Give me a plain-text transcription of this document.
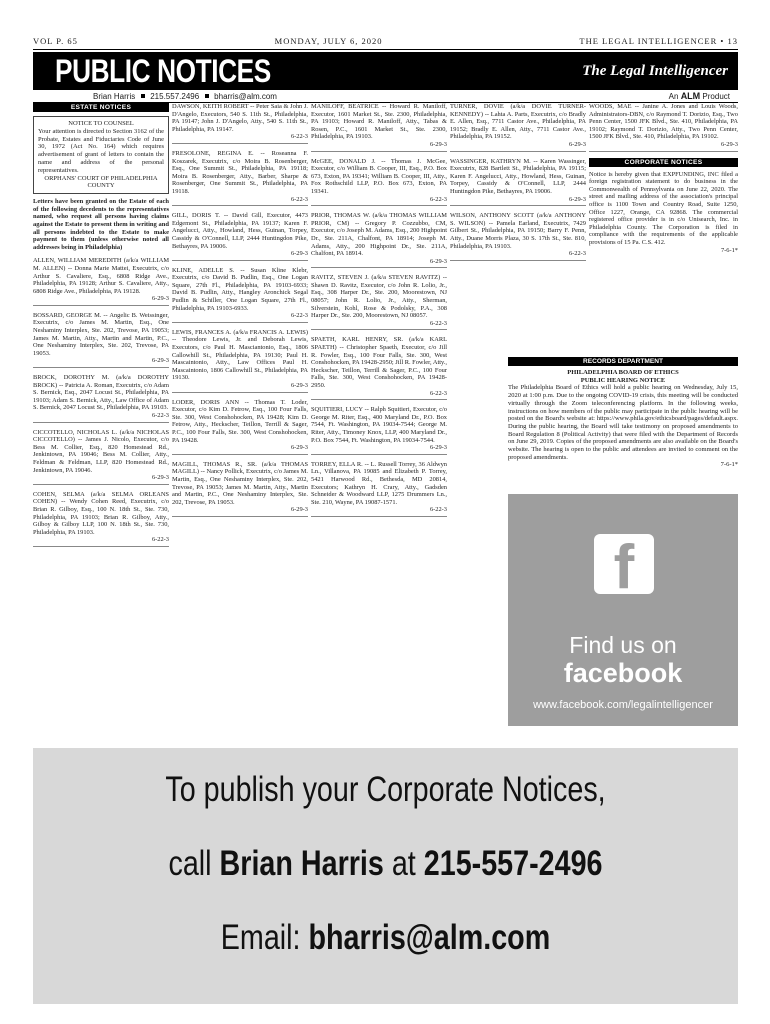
VOL P. 65	MONDAY, JULY 6, 2020	THE LEGAL INTELLIGENCER • 13
PUBLIC NOTICES	The Legal Intelligencer
Brian Harris 215.557.2496 bharris@alm.com	An ALM Product
ESTATE NOTICES
NOTICE TO COUNSEL
Your attention is directed to Section 3162 of the Probate, Estates and Fiduciaries Code of June 30, 1972 (Act No. 164) which requires advertisement of grant of letters to contain the name and address of the personal representatives.
ORPHANS' COURT OF PHILADELPHIA COUNTY
Letters have been granted on the Estate of each of the following decedents to the representatives named, who request all persons having claims against the Estate to present them in writing and all persons indebted to the Estate to make payment to them (unless otherwise noted all addresses being in Philadelphia)
ALLEN, WILLIAM MEREDITH (a/k/a WILLIAM M. ALLEN) -- Donna Marie Mattei, Executrix, c/o Arthur S. Cavaliere, Esq., 6808 Ridge Ave., Philadelphia, PA 19128; Arthur S. Cavaliere, Atty., 6808 Ridge Ave., Philadelphia, PA 19128.
6-29-3
BOSSARD, GEORGE M. -- Angelic B. Weissinger, Executrix, c/o James M. Martin, Esq., One Neshaminy Interplex, Ste. 202, Trevose, PA 19053; James M. Martin, Atty., Martin and Martin, P.C., One Neshaminy Interplex, Ste. 202, Trevose, PA 19053.
6-29-3
BROCK, DOROTHY M. (a/k/a DOROTHY BROCK) -- Patricia A. Roman, Executrix, c/o Adam S. Bernick, Esq., 2047 Locust St., Philadelphia, PA 19103; Adam S. Bernick, Atty., Law Office of Adam S. Bernick, 2047 Locust St., Philadelphia, PA 19103.
6-22-3
CICCOTELLO, NICHOLAS L. (a/k/a NICHOLAS CICCOTELLO) -- James J. Nicolo, Executor, c/o Bess M. Collier, Esq., 820 Homestead Rd., Jenkintown, PA 19046; Bess M. Collier, Atty., Feldman & Feldman, LLP, 820 Homestead Rd., Jenkintown, PA 19046.
6-29-3
COHEN, SELMA (a/k/a SELMA ORLEANS COHEN) -- Wendy Cohen Reed, Executrix, c/o Brian R. Gilboy, Esq., 100 N. 18th St., Ste. 730, Philadelphia, PA 19103; Brian R. Gilboy, Atty., Gilboy & Gilboy LLP, 100 N. 18th St., Ste. 730, Philadelphia, PA 19103.
6-22-3
DAWSON, KEITH ROBERT -- Peter Saia & John J. D'Angelo, Executors, 540 S. 11th St., Philadelphia, PA 19147; John J. D'Angelo, Atty., 540 S. 11th St., Philadelphia, PA 19147.
6-22-3
FRESOLONE, REGINA E. -- Roseanna F. Koszarek, Executrix, c/o Moira B. Rosenberger, Esq., One Summit St., Philadelphia, PA 19118; Moira B. Rosenberger, Atty., Barber, Sharpe & Rosenberger, One Summit St., Philadelphia, PA 19118.
6-22-3
GILL, DORIS T. -- David Gill, Executor, 4473 Edgemont St., Philadelphia, PA 19137; Karen F. Angelucci, Atty., Howland, Hess, Guinan, Torpey, Cassidy & O'Connell, LLP, 2444 Huntingdon Pike, Bethayres, PA 19006.
6-29-3
KLINE, ADELLE S. -- Susan Kline Klebr, Executrix, c/o David B. Pudlin, Esq., One Logan Square, 27th Fl., Philadelphia, PA 19103-6933; David B. Pudlin, Atty., Hangley Aronchick Segal Pudlin & Schiller, One Logan Square, 27th Fl., Philadelphia, PA 19103-6933.
6-22-3
LEWIS, FRANCES A. (a/k/a FRANCIS A. LEWIS) -- Theodore Lewis, Jr. and Deborah Lewis, Executors, c/o Paul H. Masciantonio, Esq., 1806 Callowhill St., Philadelphia, PA 19130; Paul H. Mascaintonio, Atty., Law Offices Paul H. Mascaintonio, 1806 Callowhill St., Philadelphia, PA 19130.
6-29-3
LODER, DORIS ANN -- Thomas T. Loder, Executor, c/o Kim D. Fetrow, Esq., 100 Four Falls, Ste. 300, West Conshohocken, PA 19428; Kim D. Fetrow, Atty., Heckscher, Teillon, Terrill & Sager, P.C., 100 Four Falls, Ste. 300, West Conshohocken, PA 19428.
6-29-3
MAGILL, THOMAS R., SR. (a/k/a THOMAS MAGILL) -- Nancy Pollick, Executrix, c/o James M. Martin, Esq., One Neshaminy Interplex, Ste. 202, Trevose, PA 19053; James M. Martin, Atty., Martin and Martin, P.C., One Neshaminy Interplex, Ste. 202, Trevose, PA 19053.
6-29-3
MANILOFF, BEATRICE -- Howard R. Maniloff, Executor, 1601 Market St., Ste. 2300, Philadelphia, PA 19103; Howard R. Maniloff, Atty., Tabas & Rosen, P.C., 1601 Market St., Ste. 2300, Philadelphia, PA 19103.
6-29-3
McGEE, DONALD J. -- Thomas J. McGee, Executor, c/o William B. Cooper, III, Esq., P.O. Box 673, Exton, PA 19341; William B. Cooper, III, Atty., Fox Rothschild LLP, P.O. Box 673, Exton, PA 19341.
6-22-3
PRIOR, THOMAS W. (a/k/a THOMAS WILLIAM PRIOR, CM) -- Gregory P. Cozzubbo, CM, Executor, c/o Joseph M. Adams, Esq., 200 Highpoint Dr., Ste. 211A, Chalfont, PA 18914; Joseph M. Adams, Atty., 200 Highpoint Dr., Ste. 211A, Chalfont, PA 18914.
6-29-3
RAVITZ, STEVEN J. (a/k/a STEVEN RAVITZ) -- Shawn D. Ravitz, Executor, c/o John R. Lolio, Jr., Esq., 308 Harper Dr., Ste. 200, Moorestown, NJ 08057; John R. Lolio, Jr., Atty., Sherman, Silverstein, Kohl, Rose & Podolsky, P.A., 308 Harper Dr., Ste. 200, Moorestown, NJ 08057.
6-22-3
SPAETH, KARL HENRY, SR. (a/k/a KARL SPAETH) -- Christopher Spaeth, Executor, c/o Jill R. Fowler, Esq., 100 Four Falls, Ste. 300, West Conshohocken, PA 19428-2950; Jill R. Fowler, Atty., Heckscher, Teillon, Terrill & Sager, P.C., 100 Four Falls, Ste. 300, West Conshohocken, PA 19428-2950.
6-22-3
SQUITIERI, LUCY -- Ralph Squitieri, Executor, c/o George M. Riter, Esq., 400 Maryland Dr., P.O. Box 7544, Ft. Washington, PA 19034-7544; George M. Riter, Atty., Timoney Knox, LLP, 400 Maryland Dr., P.O. Box 7544, Ft. Washington, PA 19034-7544.
6-29-3
TORREY, ELLA R. -- L. Russell Torrey, 36 Aldwyn Ln., Villanova, PA 19085 and Elizabeth P. Torrey, 5421 Harwood Rd., Bethesda, MD 20814, Executors; Kathryn H. Crary, Atty., Gadsden Schneider & Woodward LLP, 1275 Drummers Ln., Ste. 210, Wayne, PA 19087-1571.
6-22-3
TURNER, DOVIE (a/k/a DOVIE TURNER-KENNEDY) -- Lahta A. Parts, Executrix, c/o Bradly E. Allen, Esq., 7711 Castor Ave., Philadelphia, PA 19152; Bradly E. Allen, Atty., 7711 Castor Ave., Philadelphia, PA 19152.
6-29-3
WASSINGER, KATHRYN M. -- Karen Wassinger, Executrix, 828 Bartlett St., Philadelphia, PA 19115; Karen F. Angelucci, Atty., Howland, Hess, Guinan, Torpey, Cassidy & O'Connell, LLP, 2444 Huntingdon Pike, Bethayres, PA 19006.
6-29-3
WILSON, ANTHONY SCOTT (a/k/a ANTHONY S. WILSON) -- Pamela Earland, Executrix, 7429 Gilbert St., Philadelphia, PA 19150; Barry F. Penn, Atty., Duane Morris Plaza, 30 S. 17th St., Ste. 810, Philadelphia, PA 19103.
6-22-3
WOODS, MAE -- Janine A. Jones and Louis Woods, Administrators-DBN, c/o Raymond T. Dorizio, Esq., Two Penn Center, 1500 JFK Blvd., Ste. 410, Philadelphia, PA 19102; Raymond T. Dorizio, Atty., Two Penn Center, 1500 JFK Blvd., Ste. 410, Philadelphia, PA 19102.
6-29-3
CORPORATE NOTICES
Notice is hereby given that EXPFUNDING, INC filed a foreign registration statement to do business in the Commonwealth of Pennsylvania on June 22, 2020. The street and mailing address of the association's principal office is 1100 Town and Country Road, Suite 1250, Office 1227, Orange, CA 92868. The commercial registered office provider is in c/o Unisearch, Inc. in Philadelphia County. The Corporation is filed in compliance with the requirements of the applicable provisions of 15 Pa. C.S. 412.
7-6-1*
RECORDS DEPARTMENT
PHILADELPHIA BOARD OF ETHICS
PUBLIC HEARING NOTICE

The Philadelphia Board of Ethics will hold a public hearing on Wednesday, July 15, 2020 at 1:00 p.m. Due to the ongoing COVID-19 crisis, this meeting will be conducted virtually through the Zoom teleconferencing platform. In the following weeks, instructions on how members of the public may participate in the public hearing will be posted on the Board's website at: https://www.phila.gov/ethicsboard/pages/default.aspx. During the public hearing, the Board will take testimony on proposed amendments to Board Regulation 8 (Political Activity) that were filed with the Department of Records on June 29, 2019. Copies of the proposed amendments are also available on the Board's website. The hearing is open to the public and attendees are invited to comment on the proposed amendments.

7-6-1*
f
Find us on
facebook
www.facebook.com/legalintelligencer
To publish your Corporate Notices,
call Brian Harris at 215-557-2496
Email: bharris@alm.com
